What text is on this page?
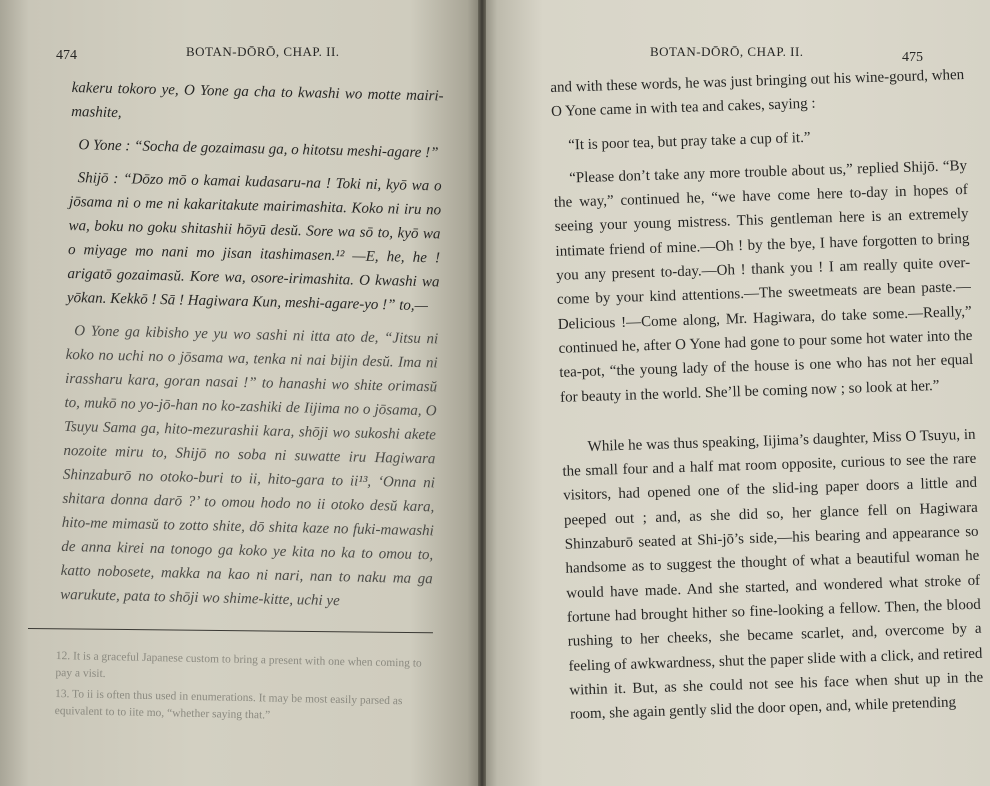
474	BOTAN-DŌRŌ, CHAP. II.

kakeru tokoro ye, O Yone ga cha to kwashi wo motte mairi-mashite,

O Yone : “Socha de gozaimasu ga, o hitotsu meshi-agare !”

Shijō : “Dōzo mō o kamai kudasaru-na ! Toki ni, kyō wa o jōsama ni o me ni kakaritakute mairimashita. Koko ni iru no wa, boku no goku shitashii hōyū desŭ. Sore wa sō to, kyō wa o miyage mo nani mo jisan itashimasen.¹² —E, he, he ! arigatō gozaimasŭ. Kore wa, osore-irimashita. O kwashi wa yōkan. Kekkō ! Sā ! Hagiwara Kun, meshi-agare-yo !” to,—

O Yone ga kibisho ye yu wo sashi ni itta ato de, “Jitsu ni koko no uchi no o jōsama wa, tenka ni nai bijin desŭ. Ima ni irassharu kara, goran nasai !” to hanashi wo shite orimasŭ to, mukō no yo-jō-han no ko-zashiki de Iijima no o jōsama, O Tsuyu Sama ga, hito-mezurashii kara, shōji wo sukoshi akete nozoite miru to, Shijō no soba ni suwatte iru Hagiwara Shinzaburō no otoko-buri to ii, hito-gara to ii¹³, ‘Onna ni shitara donna darō ?’ to omou hodo no ii otoko desŭ kara, hito-me mimasŭ to zotto shite, dō shita kaze no fuki-mawashi de anna kirei na tonogo ga koko ye kita no ka to omou to, katto nobosete, makka na kao ni nari, nan to naku ma ga warukute, pata to shōji wo shime-kitte, uchi ye

12. It is a graceful Japanese custom to bring a present with one when coming to pay a visit.

13. To ii is often thus used in enumerations. It may be most easily parsed as equivalent to to iite mo, “whether saying that.”

BOTAN-DŌRŌ, CHAP. II.	475

and with these words, he was just bringing out his wine-gourd, when O Yone came in with tea and cakes, saying :

“It is poor tea, but pray take a cup of it.”

“Please don’t take any more trouble about us,” replied Shijō. “By the way,” continued he, “we have come here to-day in hopes of seeing your young mistress. This gentleman here is an extremely intimate friend of mine.—Oh ! by the bye, I have forgotten to bring you any present to-day.—Oh ! thank you ! I am really quite over-come by your kind attentions.—The sweetmeats are bean paste.—Delicious !—Come along, Mr. Hagiwara, do take some.—Really,” continued he, after O Yone had gone to pour some hot water into the tea-pot, “the young lady of the house is one who has not her equal for beauty in the world. She’ll be coming now ; so look at her.”

While he was thus speaking, Iijima’s daughter, Miss O Tsuyu, in the small four and a half mat room opposite, curious to see the rare visitors, had opened one of the slid-ing paper doors a little and peeped out ; and, as she did so, her glance fell on Hagiwara Shinzaburō seated at Shi-jō’s side,—his bearing and appearance so handsome as to suggest the thought of what a beautiful woman he would have made. And she started, and wondered what stroke of fortune had brought hither so fine-looking a fellow. Then, the blood rushing to her cheeks, she became scarlet, and, overcome by a feeling of awkwardness, shut the paper slide with a click, and retired within it. But, as she could not see his face when shut up in the room, she again gently slid the door open, and, while pretending
